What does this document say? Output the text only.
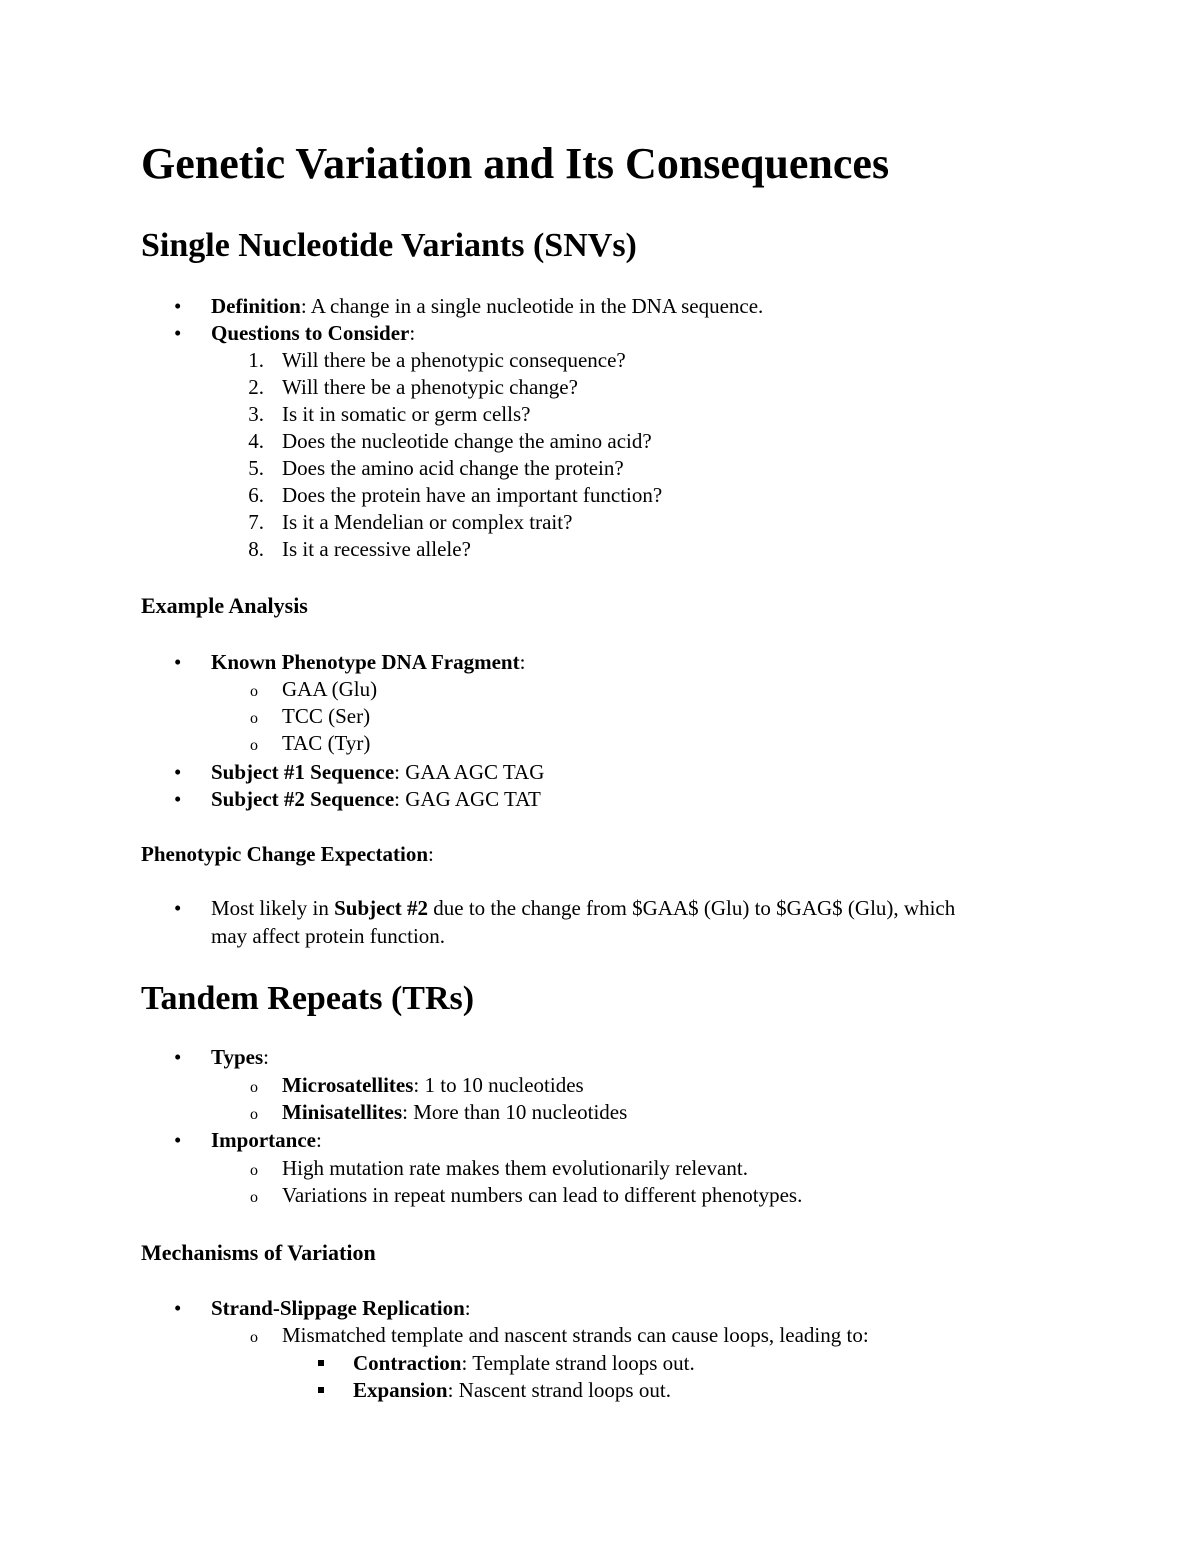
Genetic Variation and Its Consequences
Single Nucleotide Variants (SNVs)
• Definition: A change in a single nucleotide in the DNA sequence.
• Questions to Consider:
1. Will there be a phenotypic consequence?
2. Will there be a phenotypic change?
3. Is it in somatic or germ cells?
4. Does the nucleotide change the amino acid?
5. Does the amino acid change the protein?
6. Does the protein have an important function?
7. Is it a Mendelian or complex trait?
8. Is it a recessive allele?
Example Analysis
• Known Phenotype DNA Fragment:
o GAA (Glu)
o TCC (Ser)
o TAC (Tyr)
• Subject #1 Sequence: GAA AGC TAG
• Subject #2 Sequence: GAG AGC TAT
Phenotypic Change Expectation:
• Most likely in Subject #2 due to the change from $GAA$ (Glu) to $GAG$ (Glu), which
may affect protein function.
Tandem Repeats (TRs)
• Types:
o Microsatellites: 1 to 10 nucleotides
o Minisatellites: More than 10 nucleotides
• Importance:
o High mutation rate makes them evolutionarily relevant.
o Variations in repeat numbers can lead to different phenotypes.
Mechanisms of Variation
• Strand-Slippage Replication:
o Mismatched template and nascent strands can cause loops, leading to:
Contraction: Template strand loops out.
Expansion: Nascent strand loops out.
